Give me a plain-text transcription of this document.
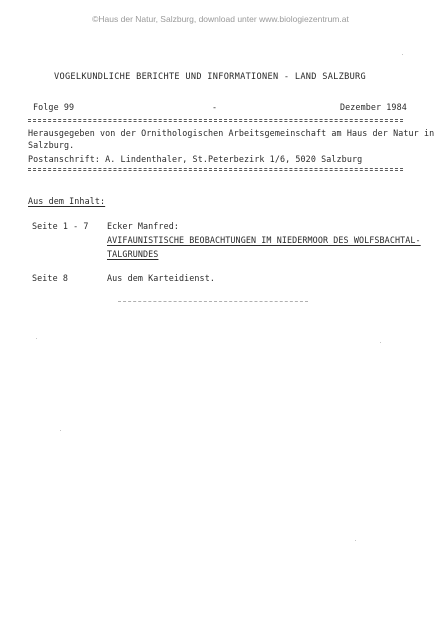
©Haus der Natur, Salzburg, download unter www.biologiezentrum.at
VOGELKUNDLICHE BERICHTE UND INFORMATIONEN - LAND SALZBURG
Folge 99	-	Dezember 1984
Herausgegeben von der Ornithologischen Arbeitsgemeinschaft am Haus der Natur in
Salzburg.
Postanschrift: A. Lindenthaler, St.Peterbezirk 1/6, 5020 Salzburg
Aus dem Inhalt:
Seite 1 - 7 Ecker Manfred:
AVIFAUNISTISCHE BEOBACHTUNGEN IM NIEDERMOOR DES WOLFSBACHTAL-
TALGRUNDES
Seite 8	Aus dem Karteidienst.
